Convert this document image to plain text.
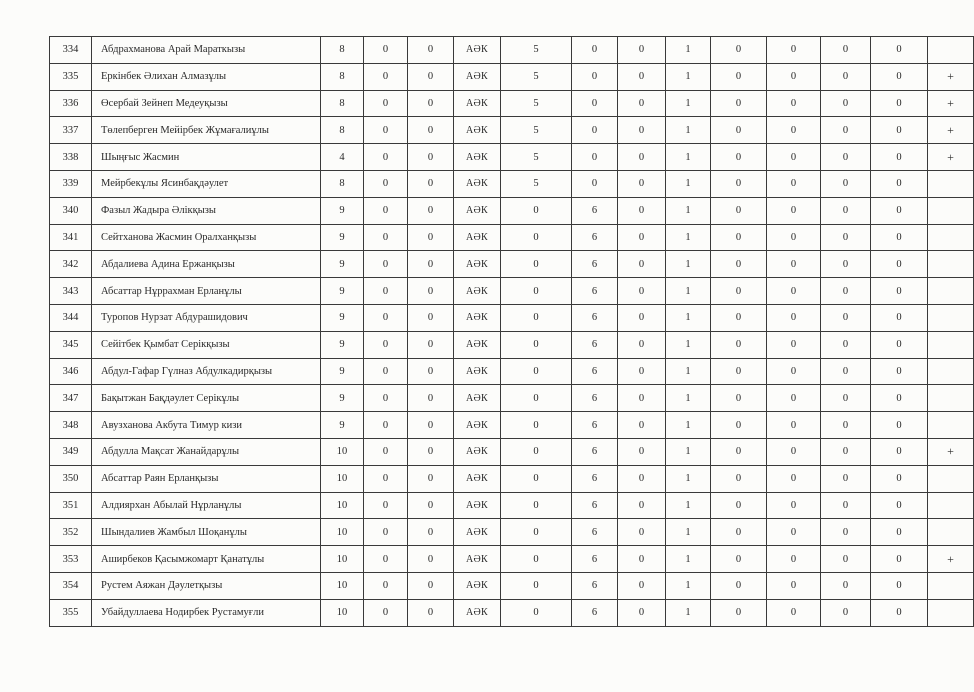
334	Абдрахманова Арай Мараткызы	8	0	0	АӘК	5	0	0	1	0	0	0	0	
335	Еркінбек Әлихан Алмазұлы	8	0	0	АӘК	5	0	0	1	0	0	0	0	+
336	Өсербай Зейнеп Медеуқызы	8	0	0	АӘК	5	0	0	1	0	0	0	0	+
337	Төлепберген Мейірбек Жұмағалиұлы	8	0	0	АӘК	5	0	0	1	0	0	0	0	+
338	Шыңғыс Жасмин	4	0	0	АӘК	5	0	0	1	0	0	0	0	+
339	Мейрбекұлы Ясинбақдәулет	8	0	0	АӘК	5	0	0	1	0	0	0	0	
340	Фазыл Жадыра Әлікқызы	9	0	0	АӘК	0	6	0	1	0	0	0	0	
341	Сейтханова Жасмин Оралханқызы	9	0	0	АӘК	0	6	0	1	0	0	0	0	
342	Абдалиева Адина Ержанқызы	9	0	0	АӘК	0	6	0	1	0	0	0	0	
343	Абсаттар Нұррахман Ерланұлы	9	0	0	АӘК	0	6	0	1	0	0	0	0	
344	Туропов Нурзат Абдурашидович	9	0	0	АӘК	0	6	0	1	0	0	0	0	
345	Сейітбек Қымбат Серікқызы	9	0	0	АӘК	0	6	0	1	0	0	0	0	
346	Абдул-Гафар Гүлназ Абдулкадирқызы	9	0	0	АӘК	0	6	0	1	0	0	0	0	
347	Бақытжан Бақдәулет Серікұлы	9	0	0	АӘК	0	6	0	1	0	0	0	0	
348	Авузханова Акбута Тимур кизи	9	0	0	АӘК	0	6	0	1	0	0	0	0	
349	Абдулла Мақсат Жанайдарұлы	10	0	0	АӘК	0	6	0	1	0	0	0	0	+
350	Абсаттар Раян Ерланқызы	10	0	0	АӘК	0	6	0	1	0	0	0	0	
351	Алдиярхан Абылай Нұрланұлы	10	0	0	АӘК	0	6	0	1	0	0	0	0	
352	Шындалиев Жамбыл Шоқанұлы	10	0	0	АӘК	0	6	0	1	0	0	0	0	
353	Аширбеков Қасымжомарт Қанатұлы	10	0	0	АӘК	0	6	0	1	0	0	0	0	+
354	Рустем Аяжан Дәулетқызы	10	0	0	АӘК	0	6	0	1	0	0	0	0	
355	Убайдуллаева Нодирбек Рустамуғли	10	0	0	АӘК	0	6	0	1	0	0	0	0	
